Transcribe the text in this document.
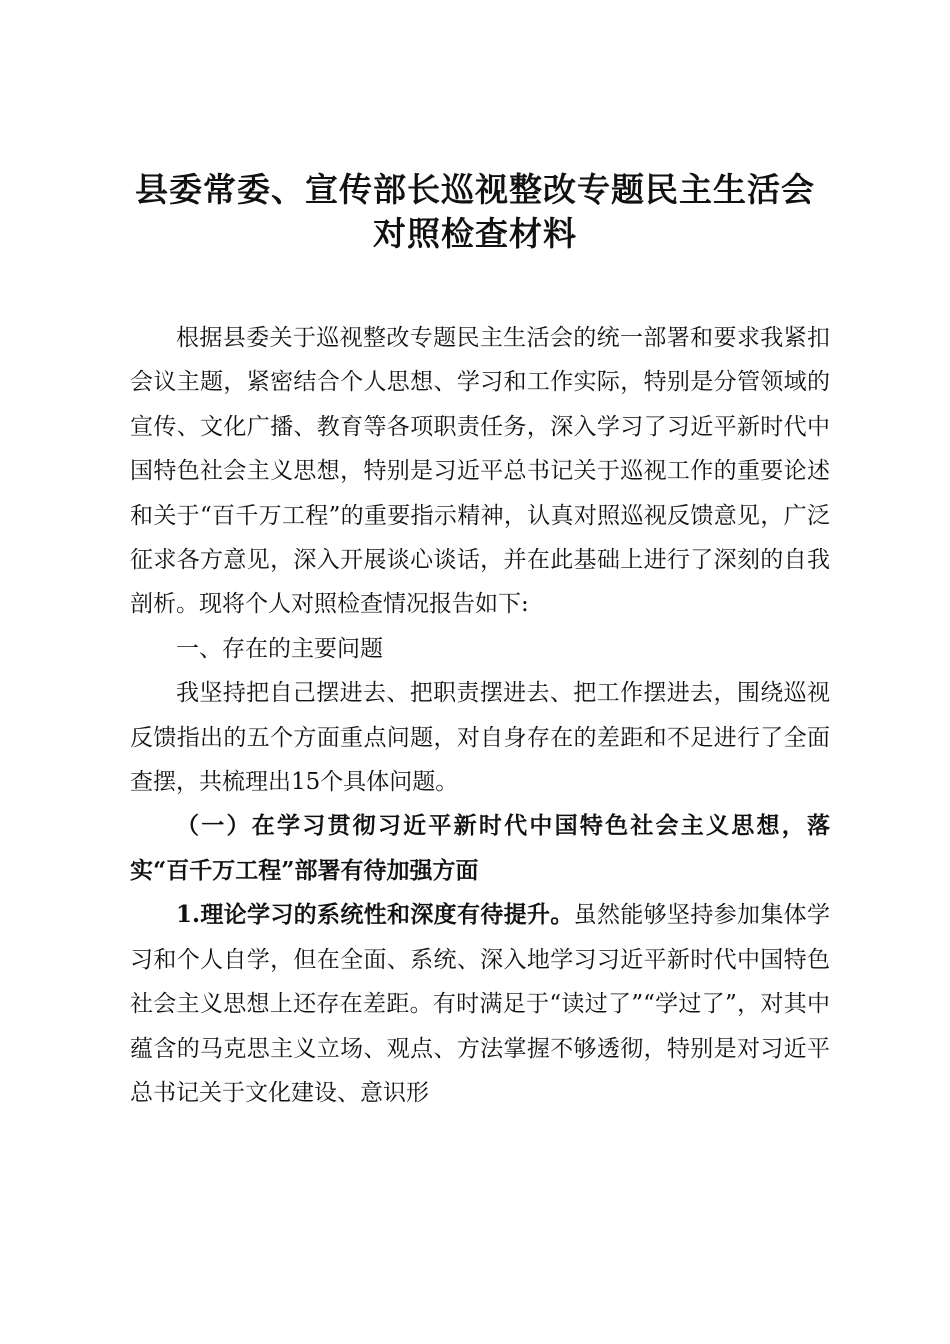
县委常委、宣传部长巡视整改专题民主生活会
对照检查材料

根据县委关于巡视整改专题民主生活会的统一部署和要求我紧扣会议主题，紧密结合个人思想、学习和工作实际，特别是分管领域的宣传、文化广播、教育等各项职责任务，深入学习了习近平新时代中国特色社会主义思想，特别是习近平总书记关于巡视工作的重要论述和关于“百千万工程”的重要指示精神，认真对照巡视反馈意见，广泛征求各方意见，深入开展谈心谈话，并在此基础上进行了深刻的自我剖析。现将个人对照检查情况报告如下:

一、存在的主要问题

我坚持把自己摆进去、把职责摆进去、把工作摆进去，围绕巡视反馈指出的五个方面重点问题，对自身存在的差距和不足进行了全面查摆，共梳理出15个具体问题。

（一）在学习贯彻习近平新时代中国特色社会主义思想，落实“百千万工程”部署有待加强方面

1.理论学习的系统性和深度有待提升。虽然能够坚持参加集体学习和个人自学，但在全面、系统、深入地学习习近平新时代中国特色社会主义思想上还存在差距。有时满足于“读过了”“学过了”，对其中蕴含的马克思主义立场、观点、方法掌握不够透彻，特别是对习近平总书记关于文化建设、意识形
